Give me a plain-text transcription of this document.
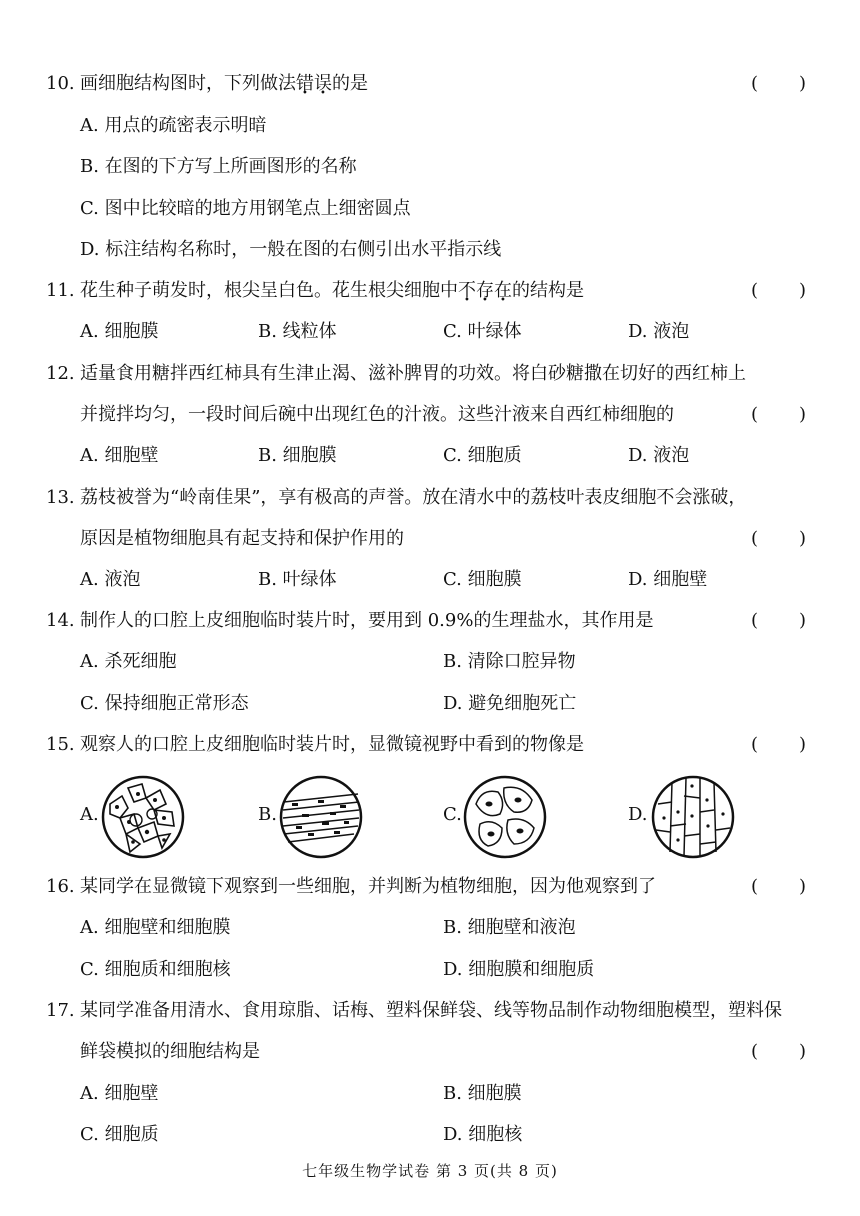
10. 画细胞结构图时，下列做法错误的是	( )
A. 用点的疏密表示明暗
B. 在图的下方写上所画图形的名称
C. 图中比较暗的地方用钢笔点上细密圆点
D. 标注结构名称时，一般在图的右侧引出水平指示线
11. 花生种子萌发时，根尖呈白色。花生根尖细胞中不存在的结构是	( )
A. 细胞膜	B. 线粒体	C. 叶绿体	D. 液泡
12. 适量食用糖拌西红柿具有生津止渴、滋补脾胃的功效。将白砂糖撒在切好的西红柿上
并搅拌均匀，一段时间后碗中出现红色的汁液。这些汁液来自西红柿细胞的	( )
A. 细胞壁	B. 细胞膜	C. 细胞质	D. 液泡
13. 荔枝被誉为“岭南佳果”，享有极高的声誉。放在清水中的荔枝叶表皮细胞不会涨破，
原因是植物细胞具有起支持和保护作用的	( )
A. 液泡	B. 叶绿体	C. 细胞膜	D. 细胞壁
14. 制作人的口腔上皮细胞临时装片时，要用到 0.9%的生理盐水，其作用是	( )
A. 杀死细胞	B. 清除口腔异物
C. 保持细胞正常形态	D. 避免细胞死亡
15. 观察人的口腔上皮细胞临时装片时，显微镜视野中看到的物像是	( )
A.	B.	C.	D.
16. 某同学在显微镜下观察到一些细胞，并判断为植物细胞，因为他观察到了	( )
A. 细胞壁和细胞膜	B. 细胞壁和液泡
C. 细胞质和细胞核	D. 细胞膜和细胞质
17. 某同学准备用清水、食用琼脂、话梅、塑料保鲜袋、线等物品制作动物细胞模型，塑料保
鲜袋模拟的细胞结构是	( )
A. 细胞壁	B. 细胞膜
C. 细胞质	D. 细胞核
七年级生物学试卷 第 3 页(共 8 页)
